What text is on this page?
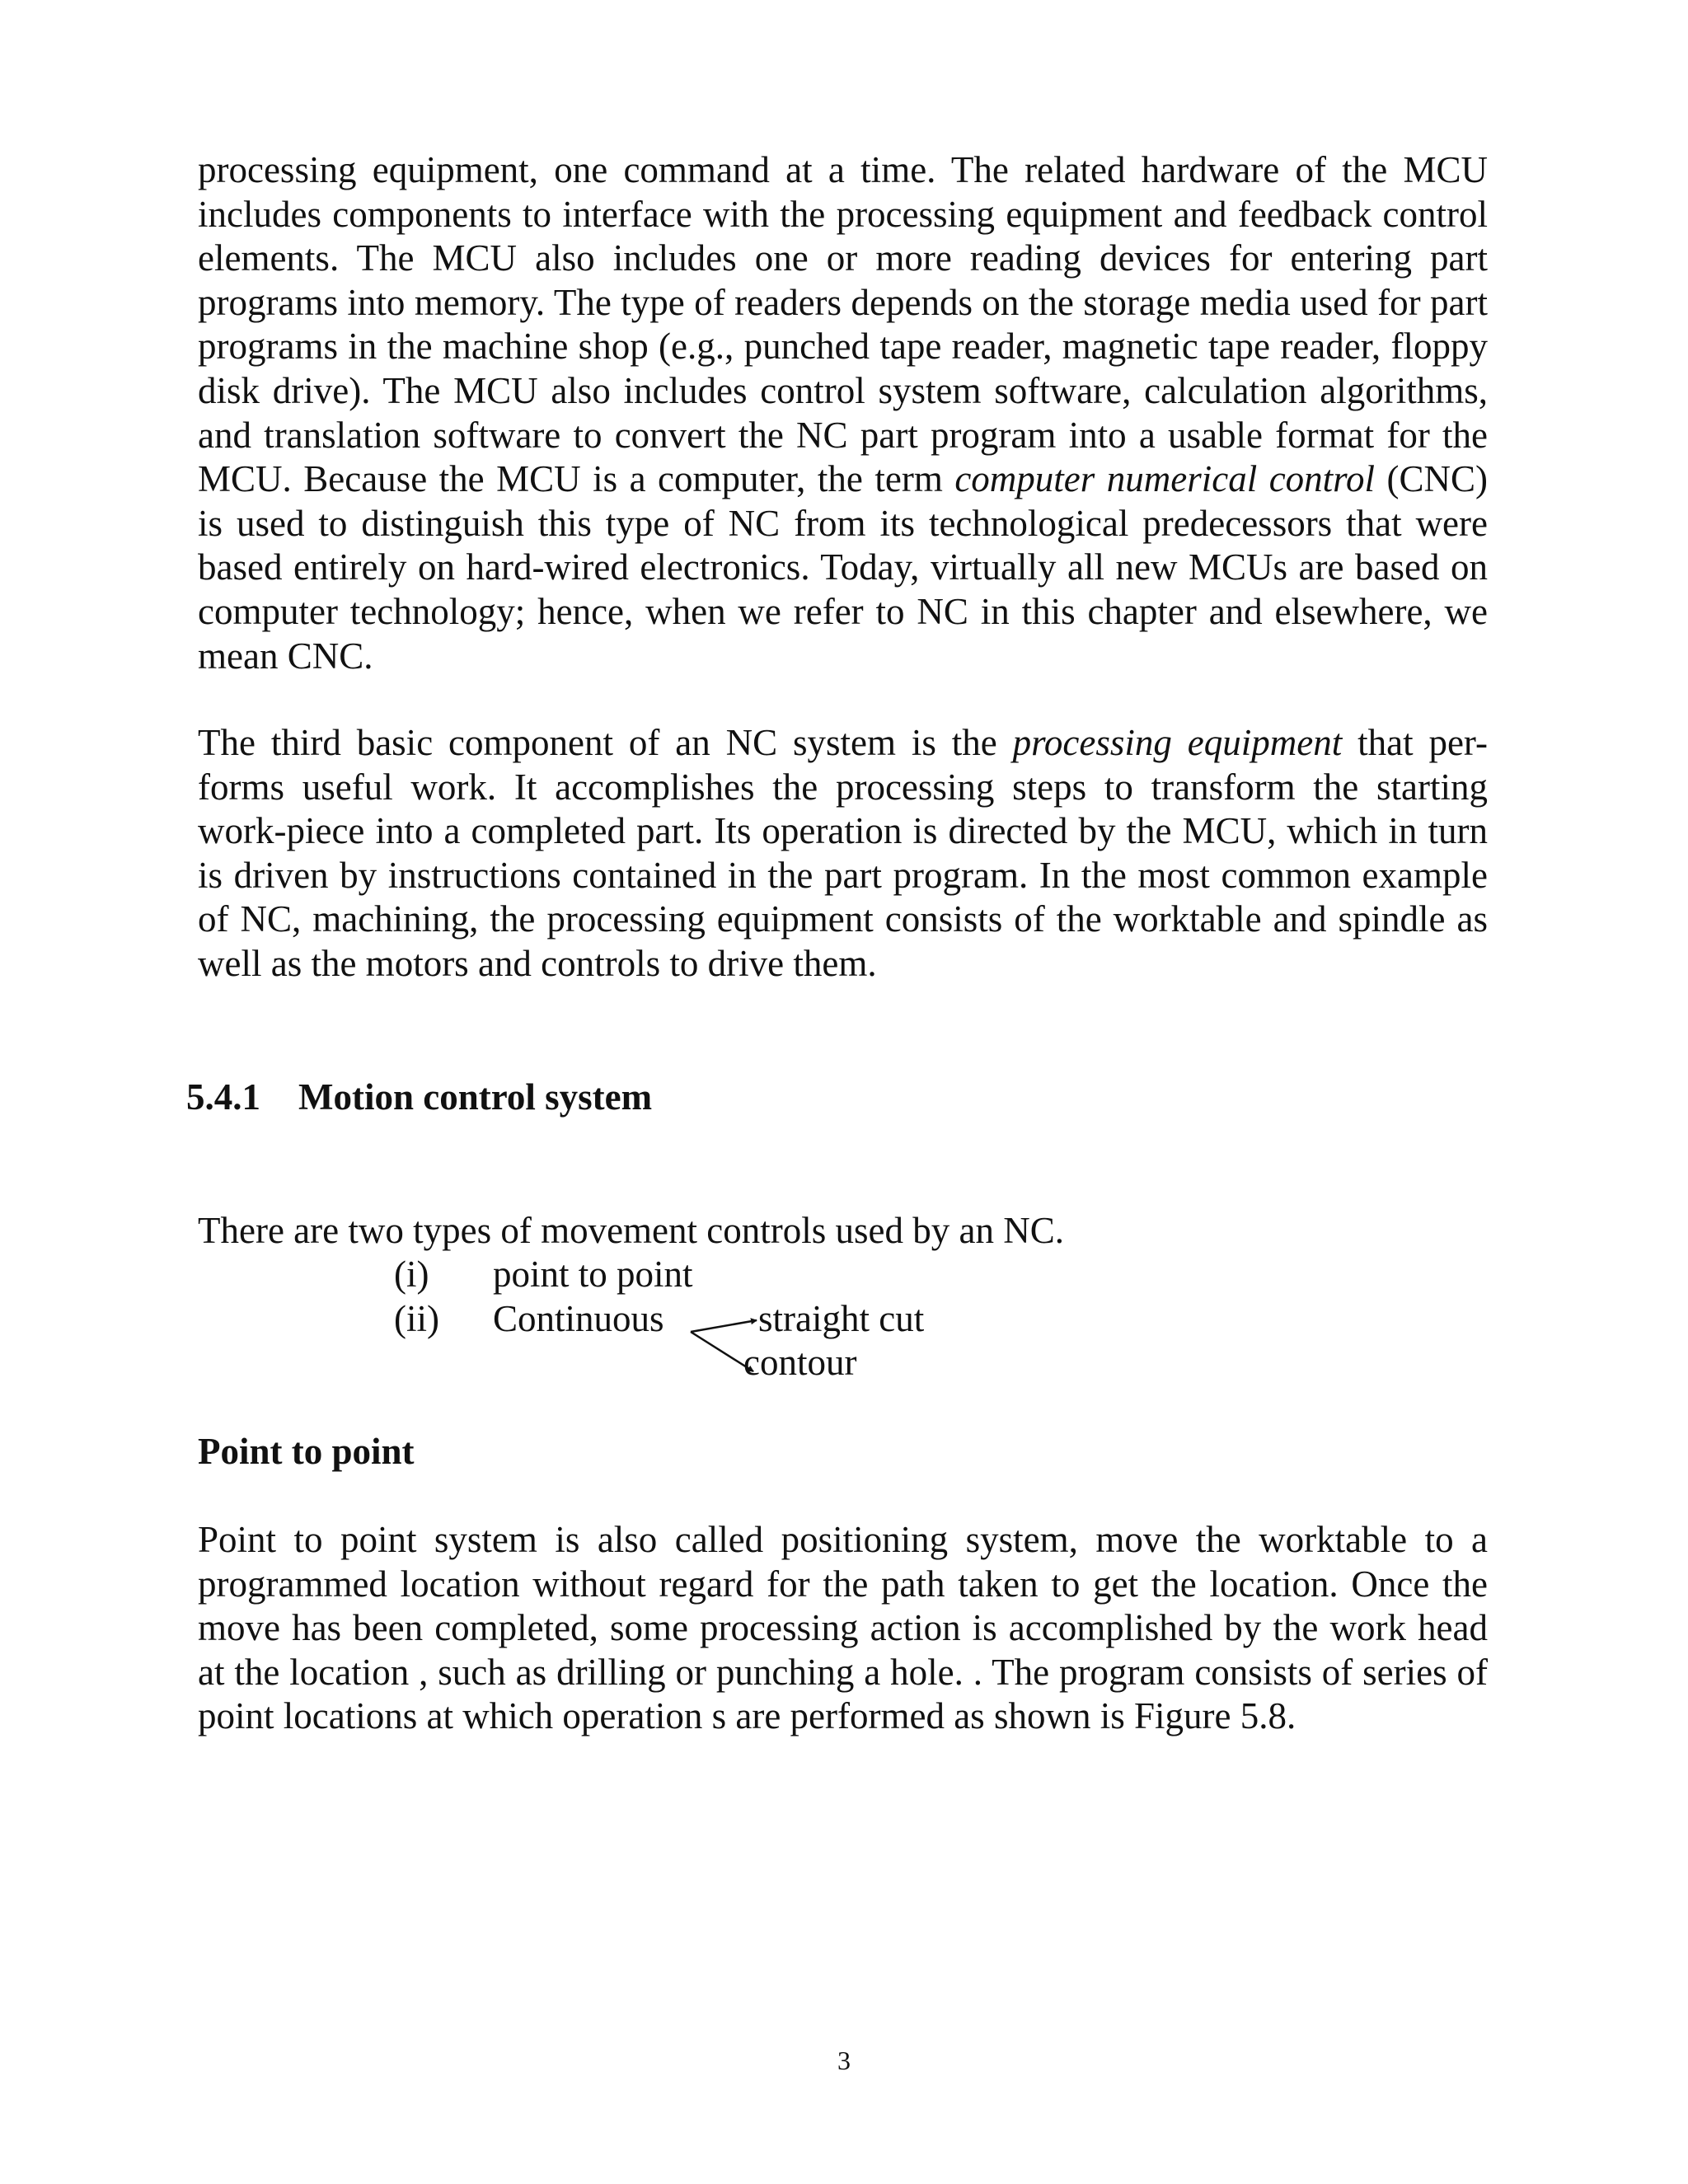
processing equipment, one command at a time. The related hardware of the MCU includes components to interface with the processing equipment and feedback control elements. The MCU also includes one or more reading devices for entering part programs into memory. The type of readers depends on the storage media used for part programs in the machine shop (e.g., punched tape reader, magnetic tape reader, floppy disk drive). The MCU also includes control system software, calculation algorithms, and translation software to convert the NC part program into a usable format for the MCU. Because the MCU is a computer, the term computer numerical control (CNC) is used to distinguish this type of NC from its technological predecessors that were based entirely on hard-wired electronics. Today, virtually all new MCUs are based on computer technology; hence, when we refer to NC in this chapter and elsewhere, we mean CNC.

The third basic component of an NC system is the processing equipment that per-forms useful work. It accomplishes the processing steps to transform the starting work-piece into a completed part. Its operation is directed by the MCU, which in turn is driven by instructions contained in the part program. In the most common example of NC, machining, the processing equipment consists of the worktable and spindle as well as the motors and controls to drive them.

5.4.1 Motion control system

There are two types of movement controls used by an NC.

(i) point to point
(ii) Continuous	straight cut
contour
Point to point

Point to point system is also called positioning system, move the worktable to a programmed location without regard for the path taken to get the location. Once the move has been completed, some processing action is accomplished by the work head at the location , such as drilling or punching a hole. . The program consists of series of point locations at which operation s are performed as shown is Figure 5.8.

3
